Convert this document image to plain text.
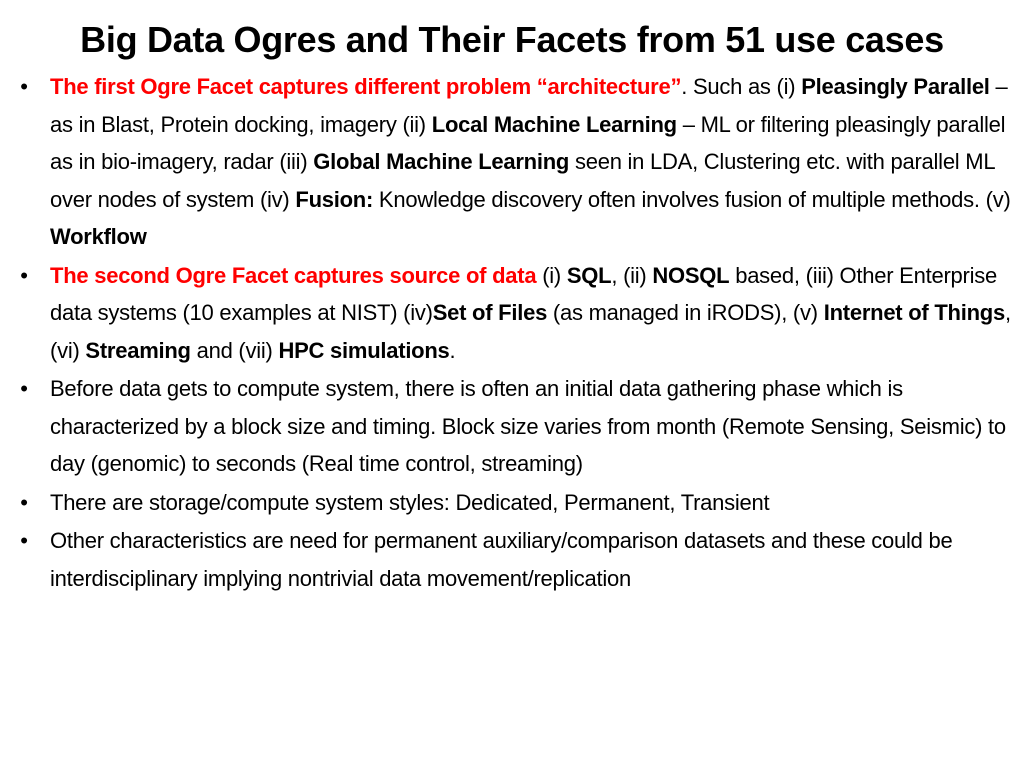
Big Data Ogres and Their Facets from 51 use cases
• The first Ogre Facet captures different problem “architecture”. Such as (i) Pleasingly Parallel – as in Blast, Protein docking, imagery (ii) Local Machine Learning – ML or filtering pleasingly parallel as in bio-imagery, radar (iii) Global Machine Learning seen in LDA, Clustering etc. with parallel ML over nodes of system (iv) Fusion: Knowledge discovery often involves fusion of multiple methods. (v) Workflow
• The second Ogre Facet captures source of data (i) SQL, (ii) NOSQL based, (iii) Other Enterprise data systems (10 examples at NIST) (iv)Set of Files (as managed in iRODS), (v) Internet of Things, (vi) Streaming and (vii) HPC simulations.
• Before data gets to compute system, there is often an initial data gathering phase which is characterized by a block size and timing. Block size varies from month (Remote Sensing, Seismic) to day (genomic) to seconds (Real time control, streaming)
• There are storage/compute system styles: Dedicated, Permanent, Transient
• Other characteristics are need for permanent auxiliary/comparison datasets and these could be interdisciplinary implying nontrivial data movement/replication
